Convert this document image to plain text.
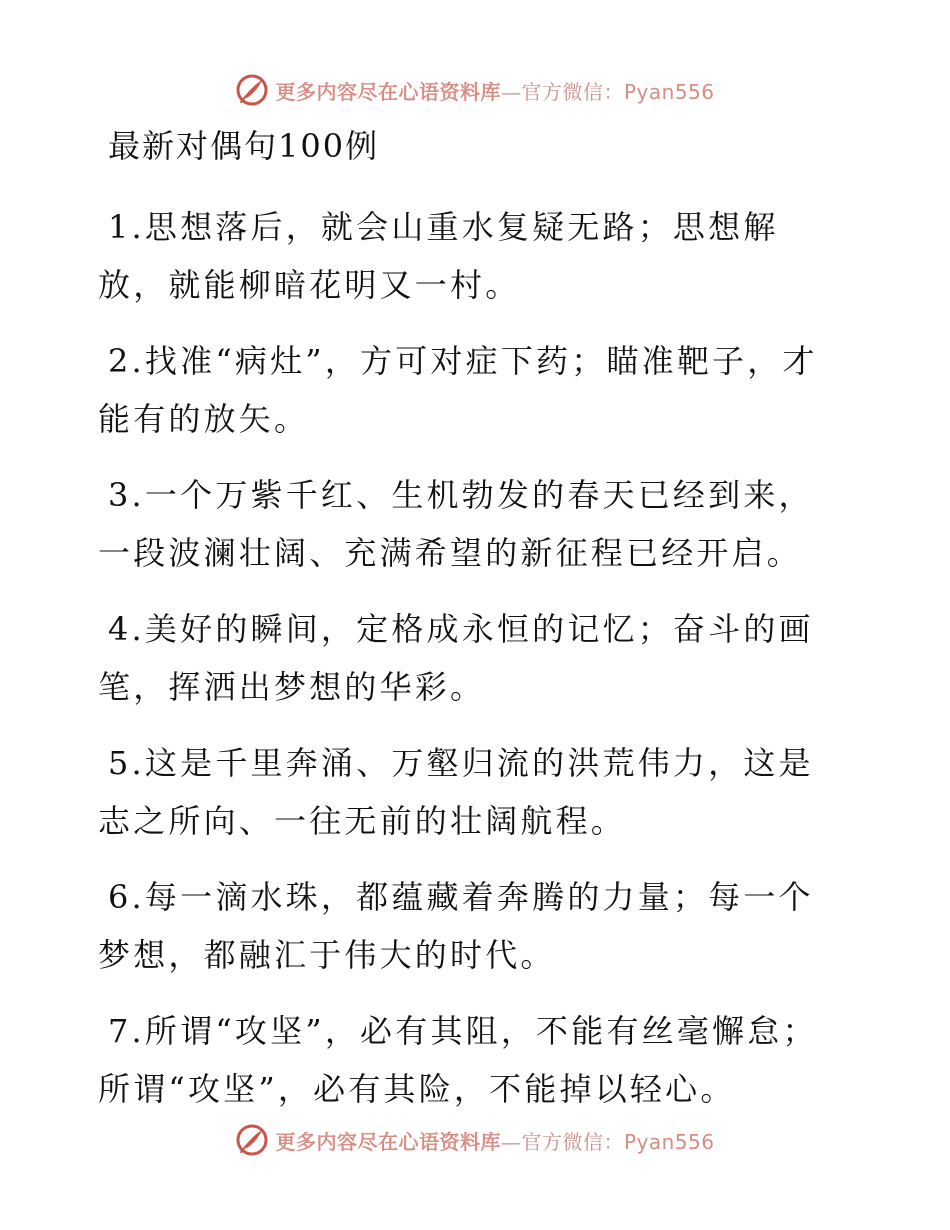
更多内容尽在心语资料库—官方微信：Pyan556
最新对偶句100例

1.思想落后，就会山重水复疑无路；思想解放，就能柳暗花明又一村。

2.找准“病灶”，方可对症下药；瞄准靶子，才能有的放矢。

3.一个万紫千红、生机勃发的春天已经到来，一段波澜壮阔、充满希望的新征程已经开启。

4.美好的瞬间，定格成永恒的记忆；奋斗的画笔，挥洒出梦想的华彩。

5.这是千里奔涌、万壑归流的洪荒伟力，这是志之所向、一往无前的壮阔航程。

6.每一滴水珠，都蕴藏着奔腾的力量；每一个梦想，都融汇于伟大的时代。

7.所谓“攻坚”，必有其阻，不能有丝毫懈怠；所谓“攻坚”，必有其险，不能掉以轻心。

更多内容尽在心语资料库—官方微信：Pyan556
